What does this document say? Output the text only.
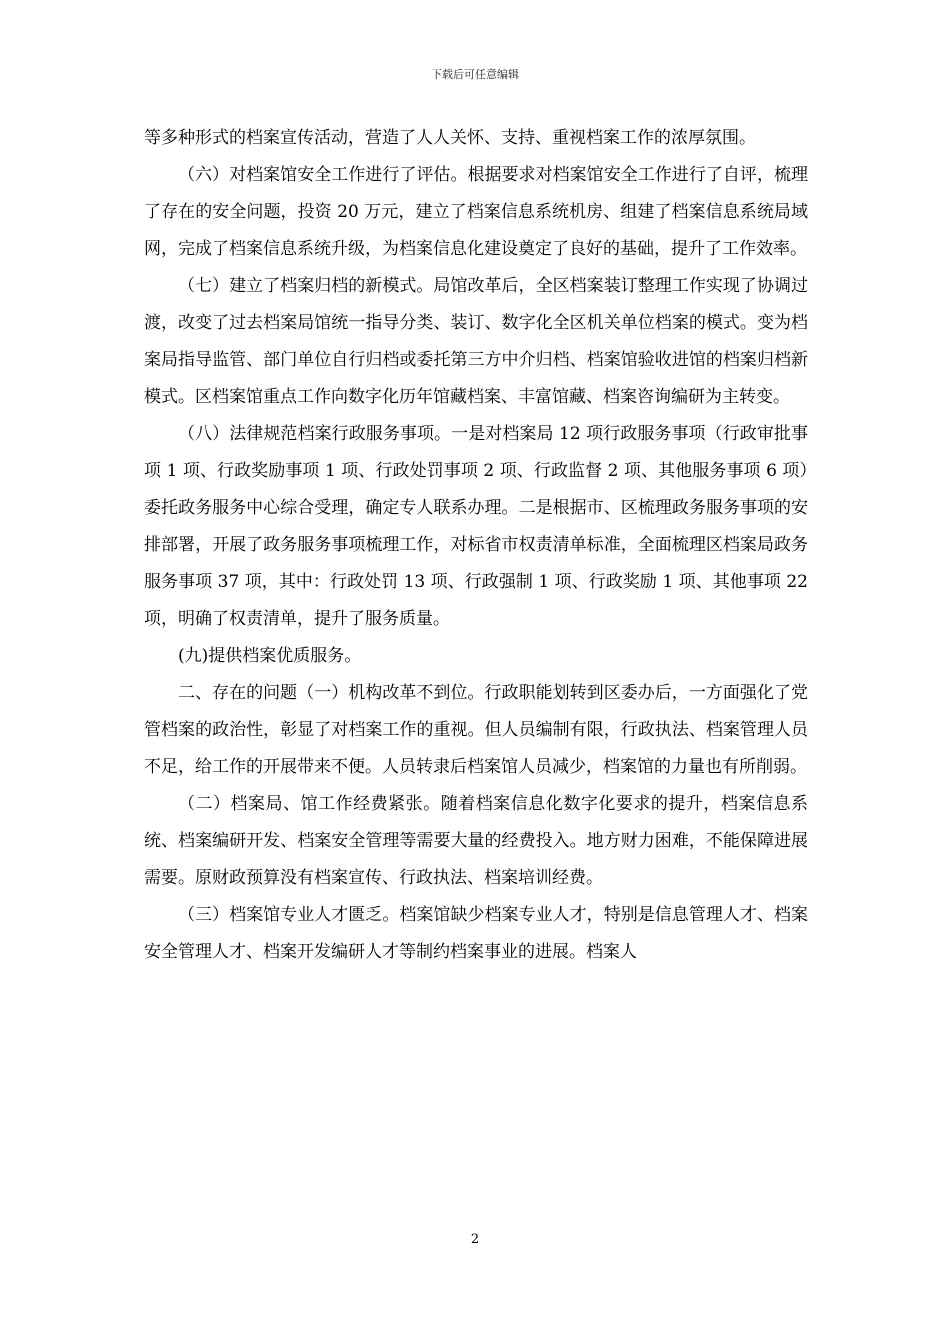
下载后可任意编辑

等多种形式的档案宣传活动，营造了人人关怀、支持、重视档案工作的浓厚氛围。

（六）对档案馆安全工作进行了评估。根据要求对档案馆安全工作进行了自评，梳理了存在的安全问题，投资 20 万元，建立了档案信息系统机房、组建了档案信息系统局域网，完成了档案信息系统升级，为档案信息化建设奠定了良好的基础，提升了工作效率。

（七）建立了档案归档的新模式。局馆改革后，全区档案装订整理工作实现了协调过渡，改变了过去档案局馆统一指导分类、装订、数字化全区机关单位档案的模式。变为档案局指导监管、部门单位自行归档或委托第三方中介归档、档案馆验收进馆的档案归档新模式。区档案馆重点工作向数字化历年馆藏档案、丰富馆藏、档案咨询编研为主转变。

（八）法律规范档案行政服务事项。一是对档案局 12 项行政服务事项（行政审批事项 1 项、行政奖励事项 1 项、行政处罚事项 2 项、行政监督 2 项、其他服务事项 6 项）委托政务服务中心综合受理，确定专人联系办理。二是根据市、区梳理政务服务事项的安排部署，开展了政务服务事项梳理工作，对标省市权责清单标准，全面梳理区档案局政务服务事项 37 项，其中：行政处罚 13 项、行政强制 1 项、行政奖励 1 项、其他事项 22 项，明确了权责清单，提升了服务质量。

(九)提供档案优质服务。

二、存在的问题（一）机构改革不到位。行政职能划转到区委办后，一方面强化了党管档案的政治性，彰显了对档案工作的重视。但人员编制有限，行政执法、档案管理人员不足，给工作的开展带来不便。人员转隶后档案馆人员减少，档案馆的力量也有所削弱。

（二）档案局、馆工作经费紧张。随着档案信息化数字化要求的提升，档案信息系统、档案编研开发、档案安全管理等需要大量的经费投入。地方财力困难，不能保障进展需要。原财政预算没有档案宣传、行政执法、档案培训经费。

（三）档案馆专业人才匮乏。档案馆缺少档案专业人才，特别是信息管理人才、档案安全管理人才、档案开发编研人才等制约档案事业的进展。档案人

2
